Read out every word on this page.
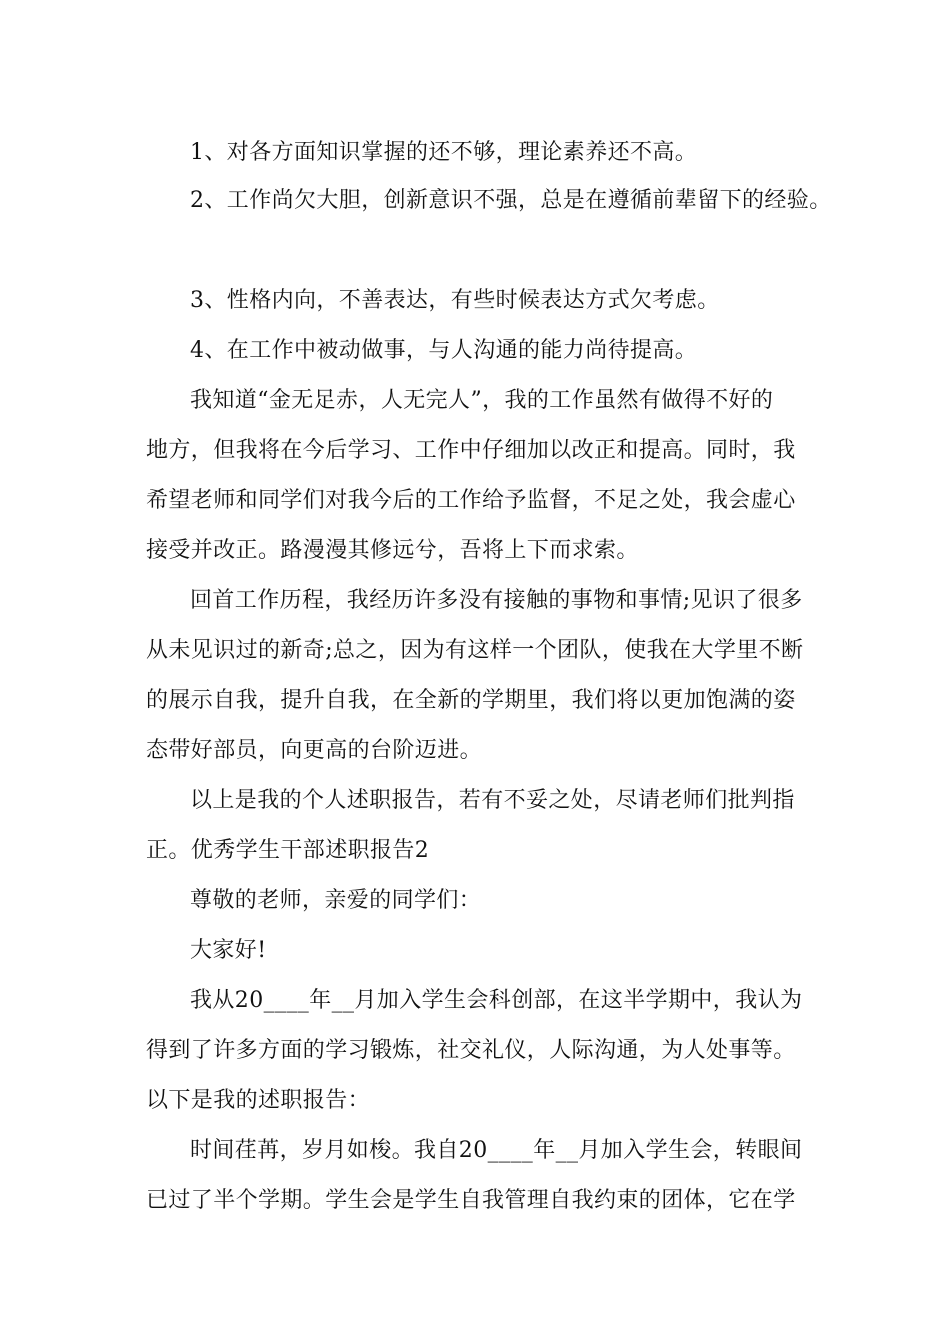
1、对各方面知识掌握的还不够，理论素养还不高。
2、工作尚欠大胆，创新意识不强，总是在遵循前辈留下的经验。
3、性格内向，不善表达，有些时候表达方式欠考虑。
4、在工作中被动做事，与人沟通的能力尚待提高。
我知道“金无足赤，人无完人”，我的工作虽然有做得不好的
地方，但我将在今后学习、工作中仔细加以改正和提高。同时，我
希望老师和同学们对我今后的工作给予监督，不足之处，我会虚心
接受并改正。路漫漫其修远兮，吾将上下而求索。
回首工作历程，我经历许多没有接触的事物和事情;见识了很多
从未见识过的新奇;总之，因为有这样一个团队，使我在大学里不断
的展示自我，提升自我，在全新的学期里，我们将以更加饱满的姿
态带好部员，向更高的台阶迈进。
以上是我的个人述职报告，若有不妥之处，尽请老师们批判指
正。优秀学生干部述职报告2
尊敬的老师，亲爱的同学们：
大家好!
我从20____年__月加入学生会科创部，在这半学期中，我认为
得到了许多方面的学习锻炼，社交礼仪，人际沟通，为人处事等。
以下是我的述职报告：
时间荏苒，岁月如梭。我自20____年__月加入学生会，转眼间
已过了半个学期。学生会是学生自我管理自我约束的团体，它在学
